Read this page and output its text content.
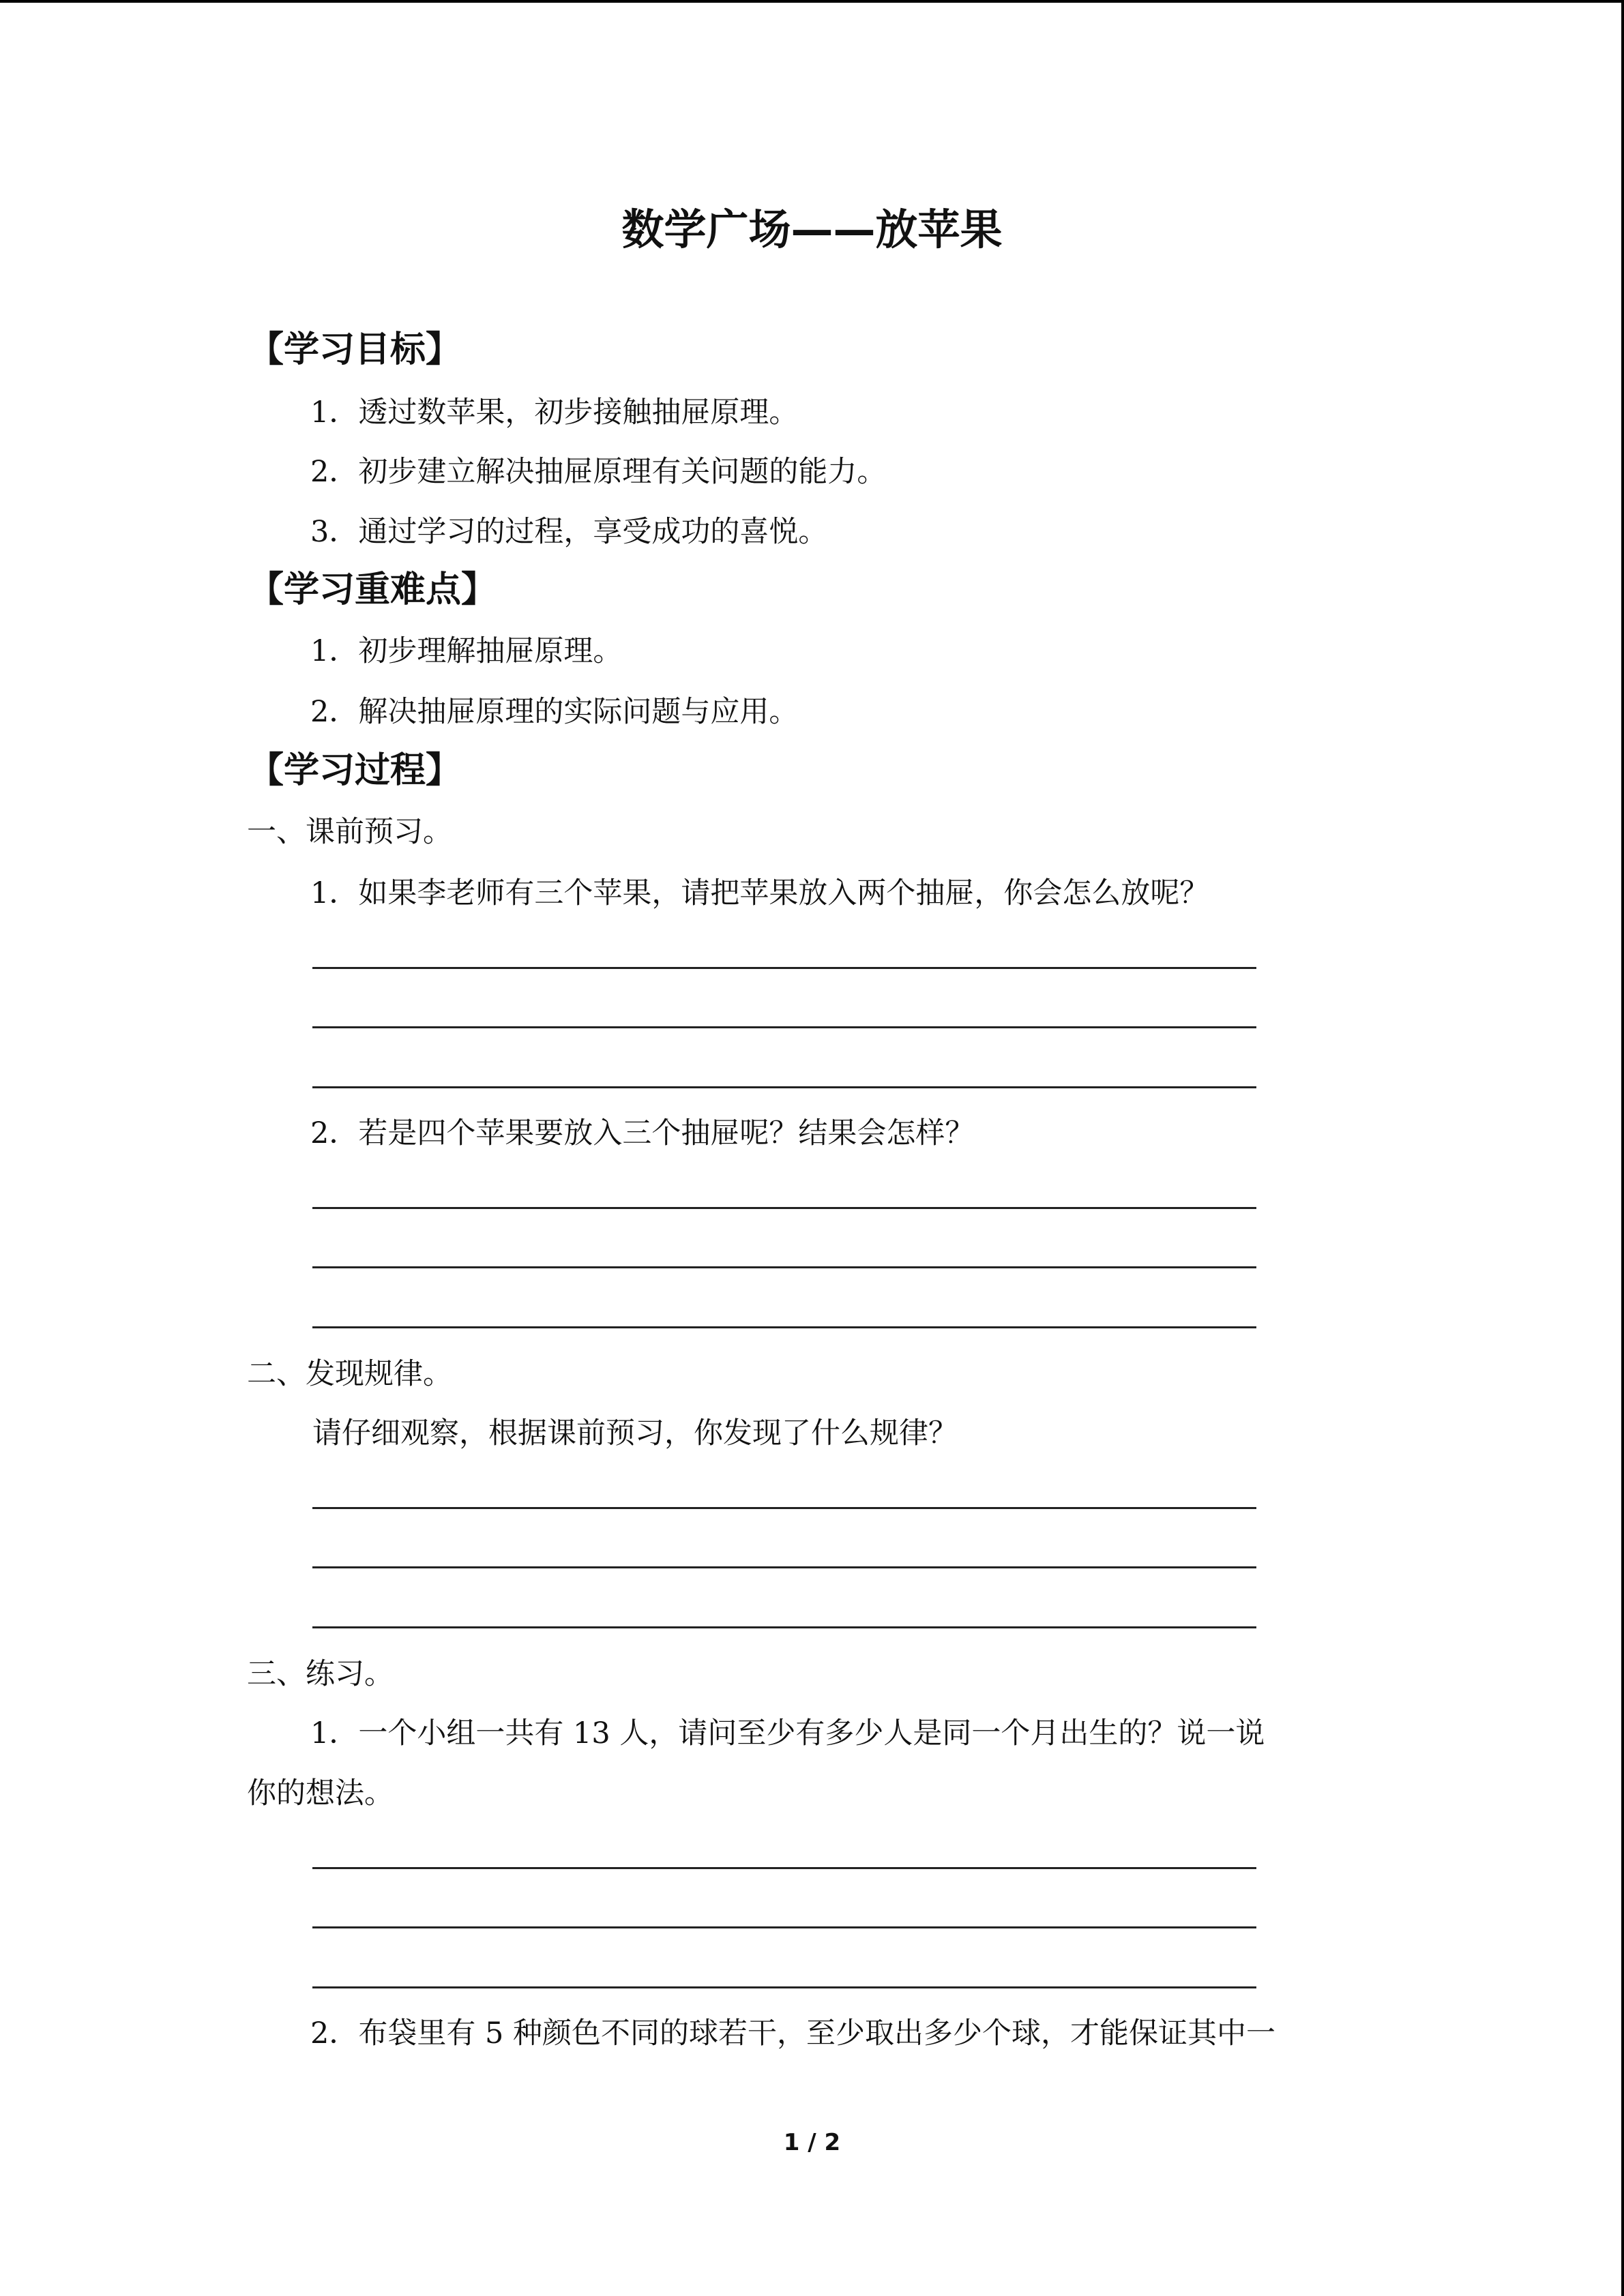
数学广场——放苹果
【学习目标】
1．透过数苹果，初步接触抽屉原理。
2．初步建立解决抽屉原理有关问题的能力。
3．通过学习的过程，享受成功的喜悦。
【学习重难点】
1．初步理解抽屉原理。
2．解决抽屉原理的实际问题与应用。
【学习过程】
一、课前预习。
1．如果李老师有三个苹果，请把苹果放入两个抽屉，你会怎么放呢？
2．若是四个苹果要放入三个抽屉呢？结果会怎样？
二、发现规律。
请仔细观察，根据课前预习，你发现了什么规律？
三、练习。
1．一个小组一共有 13 人，请问至少有多少人是同一个月出生的？说一说
你的想法。
2．布袋里有 5 种颜色不同的球若干，至少取出多少个球，才能保证其中一
1 / 2
